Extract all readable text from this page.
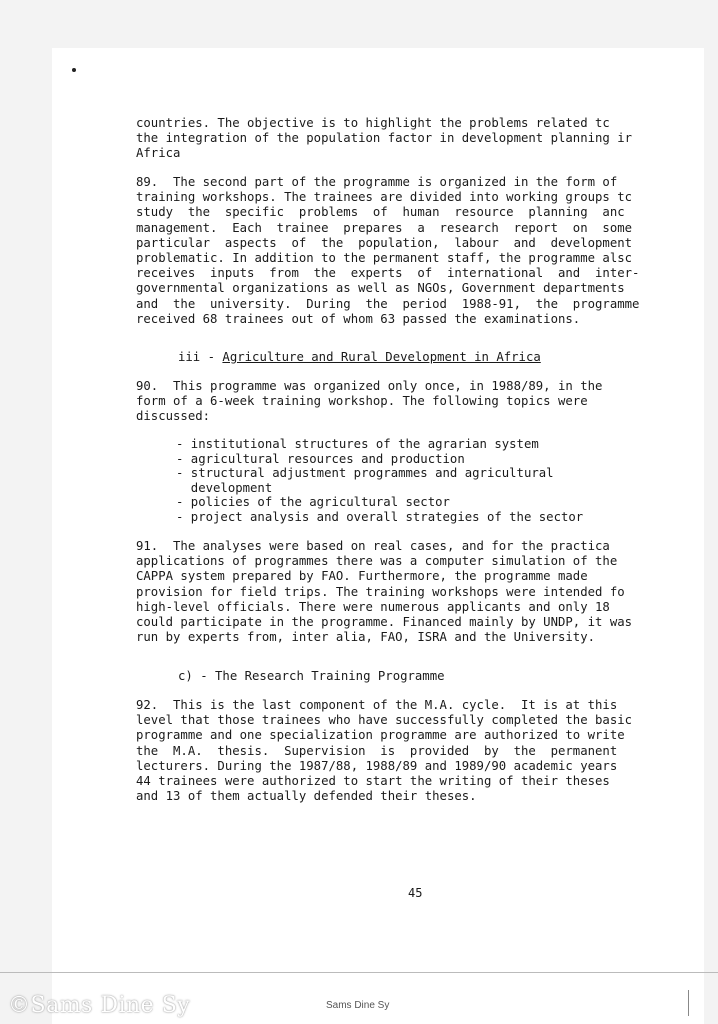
countries. The objective is to highlight the problems related tc

the integration of the population factor in development planning ir

Africa

89.  The second part of the programme is organized in the form of

training workshops. The trainees are divided into working groups tc

study  the  specific  problems  of  human  resource  planning  anc

management.  Each  trainee  prepares  a  research  report  on  some

particular  aspects  of  the  population,  labour  and  development

problematic. In addition to the permanent staff, the programme alsc

receives  inputs  from  the  experts  of  international  and  inter-

governmental organizations as well as NGOs, Government departments

and  the  university.  During  the  period  1988-91,  the  programme

received 68 trainees out of whom 63 passed the examinations.

iii - Agriculture and Rural Development in Africa

90.  This programme was organized only once, in 1988/89, in the

form of a 6-week training workshop. The following topics were

discussed:

- institutional structures of the agrarian system
- agricultural resources and production
- structural adjustment programmes and agricultural
development
- policies of the agricultural sector
- project analysis and overall strategies of the sector

91.  The analyses were based on real cases, and for the practica

applications of programmes there was a computer simulation of the

CAPPA system prepared by FAO. Furthermore, the programme made

provision for field trips. The training workshops were intended fo

high-level officials. There were numerous applicants and only 18

could participate in the programme. Financed mainly by UNDP, it was

run by experts from, inter alia, FAO, ISRA and the University.

c) - The Research Training Programme

92.  This is the last component of the M.A. cycle.  It is at this

level that those trainees who have successfully completed the basic

programme and one specialization programme are authorized to write

the  M.A.  thesis.  Supervision  is  provided  by  the  permanent

lecturers. During the 1987/88, 1988/89 and 1989/90 academic years

44 trainees were authorized to start the writing of their theses

and 13 of them actually defended their theses.

45
©Sams Dine Sy	Sams Dine Sy
